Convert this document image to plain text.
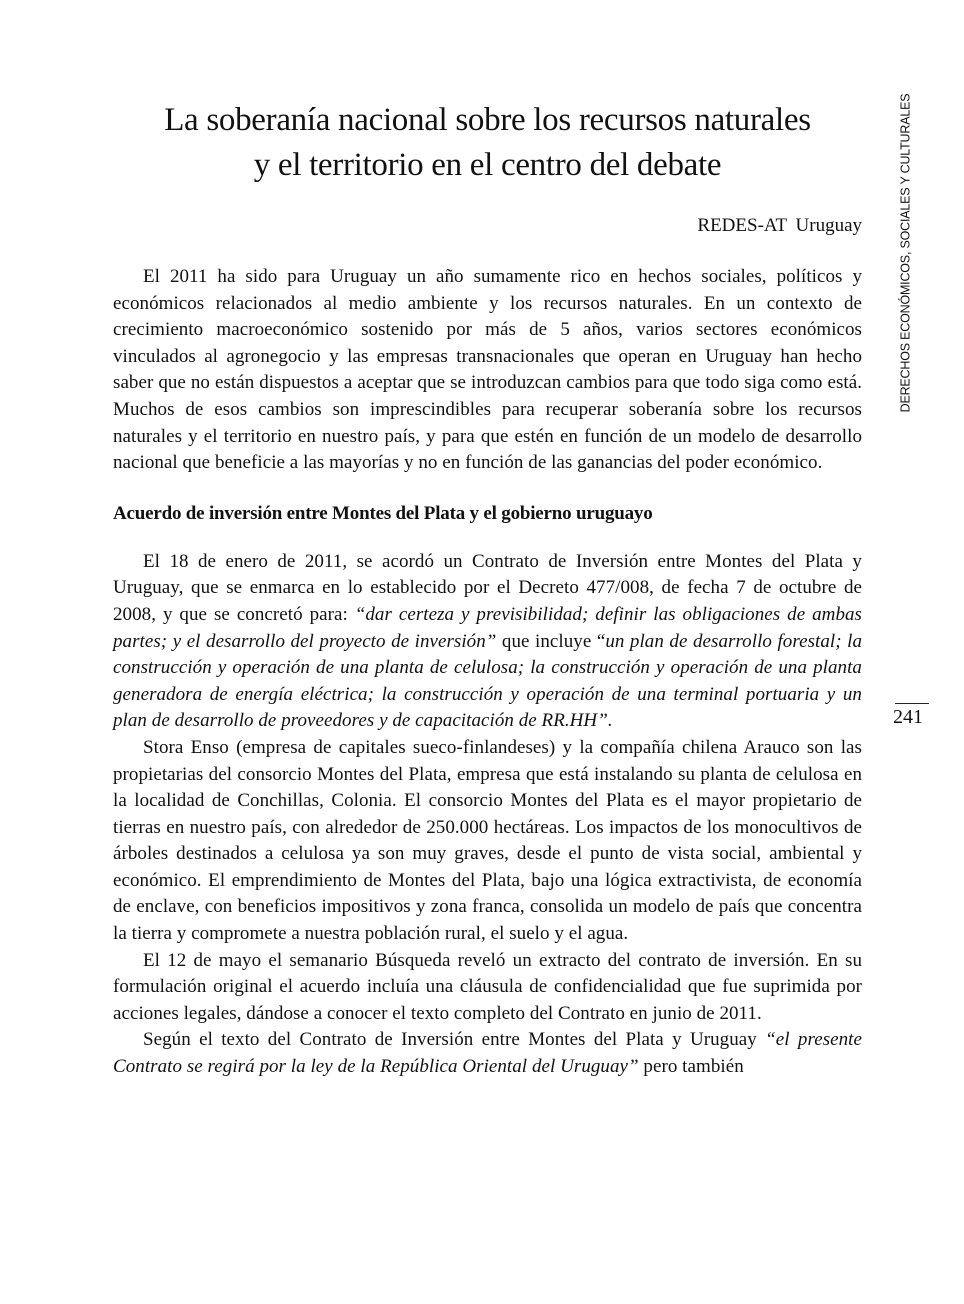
DERECHOS ECONÓMICOS, SOCIALES Y CULTURALES
241
La soberanía nacional sobre los recursos naturales
y el territorio en el centro del debate
REDES-AT Uruguay

El 2011 ha sido para Uruguay un año sumamente rico en hechos sociales, políticos y económicos relacionados al medio ambiente y los recursos naturales. En un contexto de crecimiento macroeconómico sostenido por más de 5 años, varios sectores económicos vinculados al agronegocio y las empresas transnacionales que operan en Uruguay han hecho saber que no están dispuestos a aceptar que se introduzcan cambios para que todo siga como está. Muchos de esos cambios son imprescindibles para recuperar soberanía sobre los recursos naturales y el territorio en nuestro país, y para que estén en función de un modelo de desarrollo nacional que beneficie a las mayorías y no en función de las ganancias del poder económico.

Acuerdo de inversión entre Montes del Plata y el gobierno uruguayo

El 18 de enero de 2011, se acordó un Contrato de Inversión entre Montes del Plata y Uruguay, que se enmarca en lo establecido por el Decreto 477/008, de fecha 7 de octubre de 2008, y que se concretó para: “dar certeza y previsibilidad; definir las obligaciones de ambas partes; y el desarrollo del proyecto de inversión” que incluye “un plan de desarrollo forestal; la construcción y operación de una planta de celulosa; la construcción y operación de una planta generadora de energía eléctrica; la construcción y operación de una terminal portuaria y un plan de desarrollo de proveedores y de capacitación de RR.HH”.

Stora Enso (empresa de capitales sueco-finlandeses) y la compañía chilena Arauco son las propietarias del consorcio Montes del Plata, empresa que está instalando su planta de celulosa en la localidad de Conchillas, Colonia. El consorcio Montes del Plata es el mayor propietario de tierras en nuestro país, con alrededor de 250.000 hectáreas. Los impactos de los monocultivos de árboles destinados a celulosa ya son muy graves, desde el punto de vista social, ambiental y económico. El emprendimiento de Montes del Plata, bajo una lógica extractivista, de economía de enclave, con beneficios impositivos y zona franca, consolida un modelo de país que concentra la tierra y compromete a nuestra población rural, el suelo y el agua.

El 12 de mayo el semanario Búsqueda reveló un extracto del contrato de inversión. En su formulación original el acuerdo incluía una cláusula de confidencialidad que fue suprimida por acciones legales, dándose a conocer el texto completo del Contrato en junio de 2011.

Según el texto del Contrato de Inversión entre Montes del Plata y Uruguay “el presente Contrato se regirá por la ley de la República Oriental del Uruguay” pero también
